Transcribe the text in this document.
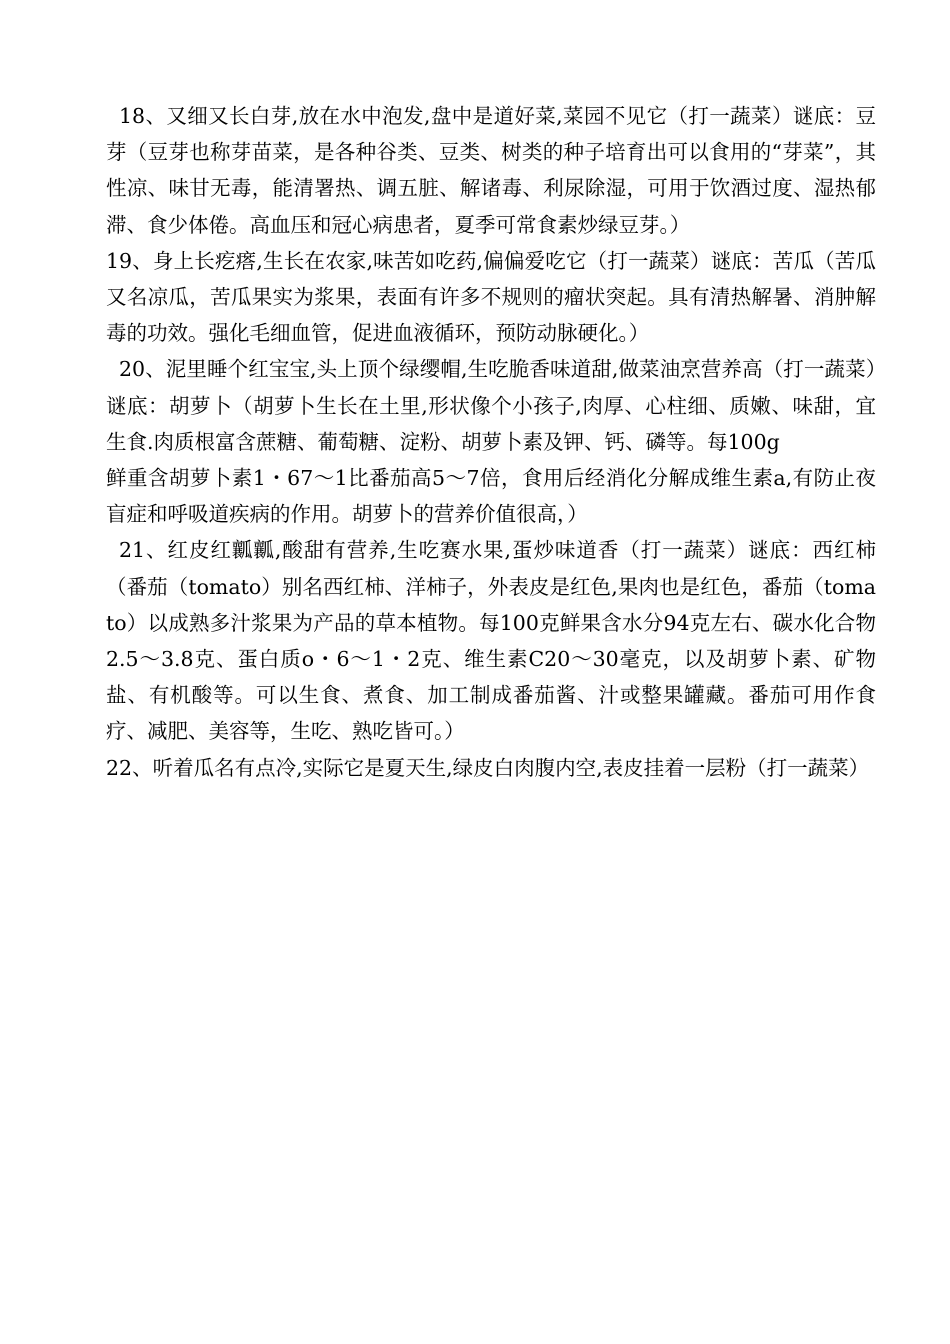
18、又细又长白芽,放在水中泡发,盘中是道好菜,菜园不见它（打一蔬菜）谜底：豆芽（豆芽也称芽苗菜，是各种谷类、豆类、树类的种子培育出可以食用的“芽菜”，其性凉、味甘无毒，能清署热、调五脏、解诸毒、利尿除湿，可用于饮酒过度、湿热郁滞、食少体倦。高血压和冠心病患者，夏季可常食素炒绿豆芽。）

19、身上长疙瘩,生长在农家,味苦如吃药,偏偏爱吃它（打一蔬菜）谜底：苦瓜（苦瓜又名凉瓜，苦瓜果实为浆果，表面有许多不规则的瘤状突起。具有清热解暑、消肿解毒的功效。强化毛细血管，促进血液循环，预防动脉硬化。）

20、泥里睡个红宝宝,头上顶个绿缨帽,生吃脆香味道甜,做菜油烹营养高（打一蔬菜）谜底：胡萝卜（胡萝卜生长在土里,形状像个小孩子,肉厚、心柱细、质嫩、味甜，宜生食.肉质根富含蔗糖、葡萄糖、淀粉、胡萝卜素及钾、钙、磷等。每100g

鲜重含胡萝卜素1・67〜1比番茄高5〜7倍，食用后经消化分解成维生素a,有防止夜盲症和呼吸道疾病的作用。胡萝卜的营养价值很高，）

21、红皮红瓤瓤,酸甜有营养,生吃赛水果,蛋炒味道香（打一蔬菜）谜底：西红柿（番茄（tomato）别名西红柿、洋柿子，外表皮是红色,果肉也是红色，番茄（tomato）以成熟多汁浆果为产品的草本植物。每100克鲜果含水分94克左右、碳水化合物2.5〜3.8克、蛋白质o・6〜1・2克、维生素C20〜30毫克，以及胡萝卜素、矿物盐、有机酸等。可以生食、煮食、加工制成番茄酱、汁或整果罐藏。番茄可用作食疗、减肥、美容等，生吃、熟吃皆可。）

22、听着瓜名有点冷,实际它是夏天生,绿皮白肉腹内空,表皮挂着一层粉（打一蔬菜）
